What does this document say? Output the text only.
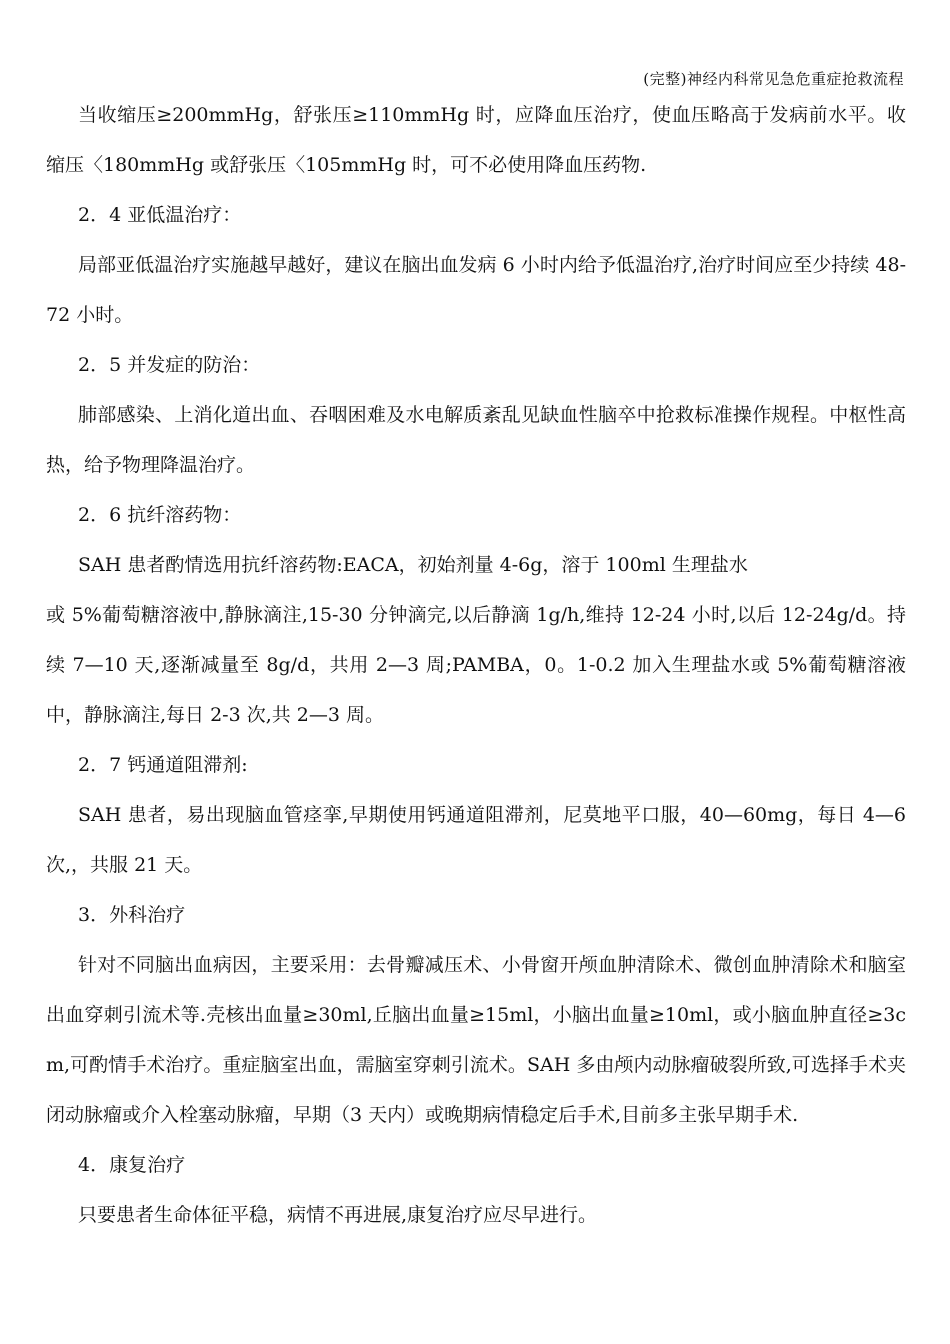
(完整)神经内科常见急危重症抢救流程

当收缩压≥200mmHg，舒张压≥110mmHg 时，应降血压治疗，使血压略高于发病前水平。收缩压〈180mmHg 或舒张压〈105mmHg 时，可不必使用降血压药物.

2．4 亚低温治疗：

局部亚低温治疗实施越早越好，建议在脑出血发病 6 小时内给予低温治疗,治疗时间应至少持续 48-72 小时。

2．5 并发症的防治：

肺部感染、上消化道出血、吞咽困难及水电解质紊乱见缺血性脑卒中抢救标准操作规程。中枢性高热，给予物理降温治疗。

2．6 抗纤溶药物：

SAH 患者酌情选用抗纤溶药物:EACA，初始剂量 4-6g，溶于 100ml 生理盐水

或 5%葡萄糖溶液中,静脉滴注,15-30 分钟滴完,以后静滴 1g/h,维持 12-24 小时,以后 12-24g/d。持续 7—10 天,逐渐减量至 8g/d，共用 2—3 周;PAMBA，0。1-0.2 加入生理盐水或 5%葡萄糖溶液中，静脉滴注,每日 2-3 次,共 2—3 周。

2．7 钙通道阻滞剂:

SAH 患者，易出现脑血管痉挛,早期使用钙通道阻滞剂，尼莫地平口服，40—60mg，每日 4—6 次,，共服 21 天。

3．外科治疗

针对不同脑出血病因，主要采用：去骨瓣减压术、小骨窗开颅血肿清除术、微创血肿清除术和脑室出血穿刺引流术等.壳核出血量≥30ml,丘脑出血量≥15ml，小脑出血量≥10ml，或小脑血肿直径≥3cm,可酌情手术治疗。重症脑室出血，需脑室穿刺引流术。SAH 多由颅内动脉瘤破裂所致,可选择手术夹闭动脉瘤或介入栓塞动脉瘤，早期（3 天内）或晚期病情稳定后手术,目前多主张早期手术.

4．康复治疗

只要患者生命体征平稳，病情不再进展,康复治疗应尽早进行。
